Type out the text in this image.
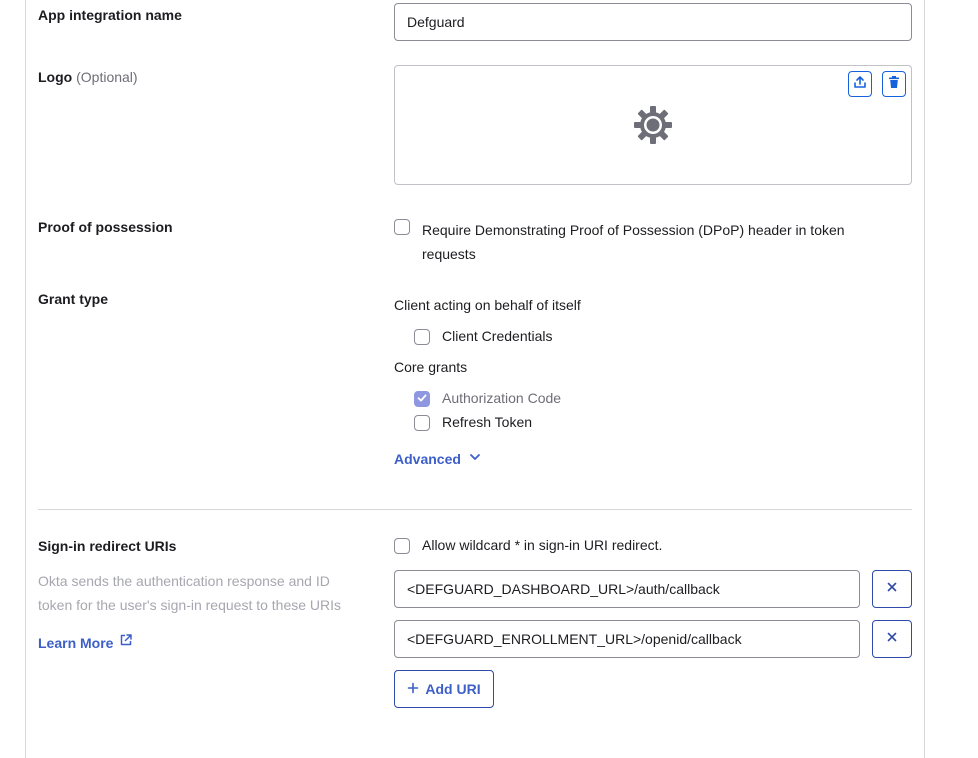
App integration name	Defguard
Logo (Optional)
Proof of possession	Require Demonstrating Proof of Possession (DPoP) header in token
requests
Grant type	Client acting on behalf of itself
Client Credentials
Core grants
Authorization Code
Refresh Token
Advanced
Sign-in redirect URIs	Allow wildcard * in sign-in URI redirect.
Okta sends the authentication response and ID
token for the user's sign-in request to these URIs
Learn More
<DEFGUARD_DASHBOARD_URL>/auth/callback
<DEFGUARD_ENROLLMENT_URL>/openid/callback
Add URI
